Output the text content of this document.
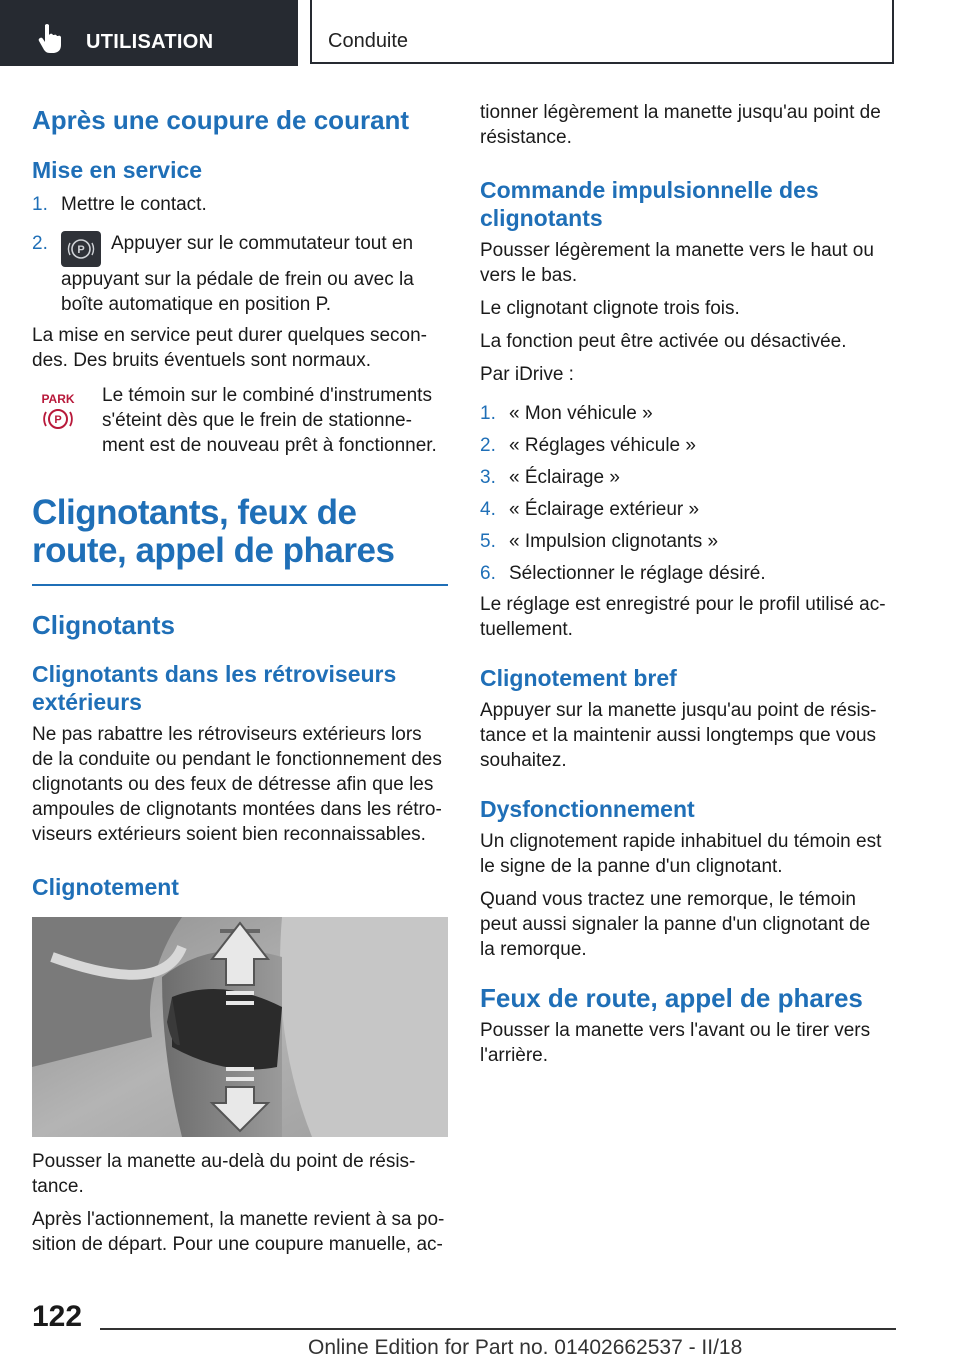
UTILISATION	Conduite
Après une coupure de courant
Mise en service
1. Mettre le contact.
2.	P Appuyer sur le commutateur tout en appuyant sur la pédale de frein ou avec la boîte automatique en position P.

La mise en service peut durer quelques secon-des. Des bruits éventuels sont normaux.

PARK
P

Le témoin sur le combiné d'instruments s'éteint dès que le frein de stationne-ment est de nouveau prêt à fonctionner.

Clignotants, feux de route, appel de phares
Clignotants
Clignotants dans les rétroviseurs extérieurs

Ne pas rabattre les rétroviseurs extérieurs lors de la conduite ou pendant le fonctionnement des clignotants ou des feux de détresse afin que les ampoules de clignotants montées dans les rétro-viseurs extérieurs soient bien reconnaissables.

Clignotement

Pousser la manette au-delà du point de résis-tance.

Après l'actionnement, la manette revient à sa po-sition de départ. Pour une coupure manuelle, ac-

tionner légèrement la manette jusqu'au point de résistance.

Commande impulsionnelle des clignotants

Pousser légèrement la manette vers le haut ou vers le bas.

Le clignotant clignote trois fois.

La fonction peut être activée ou désactivée.

Par iDrive :

1. « Mon véhicule »
2. « Réglages véhicule »
3. « Éclairage »
4. « Éclairage extérieur »
5. « Impulsion clignotants »
6. Sélectionner le réglage désiré.

Le réglage est enregistré pour le profil utilisé ac-tuellement.

Clignotement bref

Appuyer sur la manette jusqu'au point de résis-tance et la maintenir aussi longtemps que vous souhaitez.

Dysfonctionnement

Un clignotement rapide inhabituel du témoin est le signe de la panne d'un clignotant.

Quand vous tractez une remorque, le témoin peut aussi signaler la panne d'un clignotant de la remorque.

Feux de route, appel de phares

Pousser la manette vers l'avant ou le tirer vers l'arrière.

122
Online Edition for Part no. 01402662537 - II/18
